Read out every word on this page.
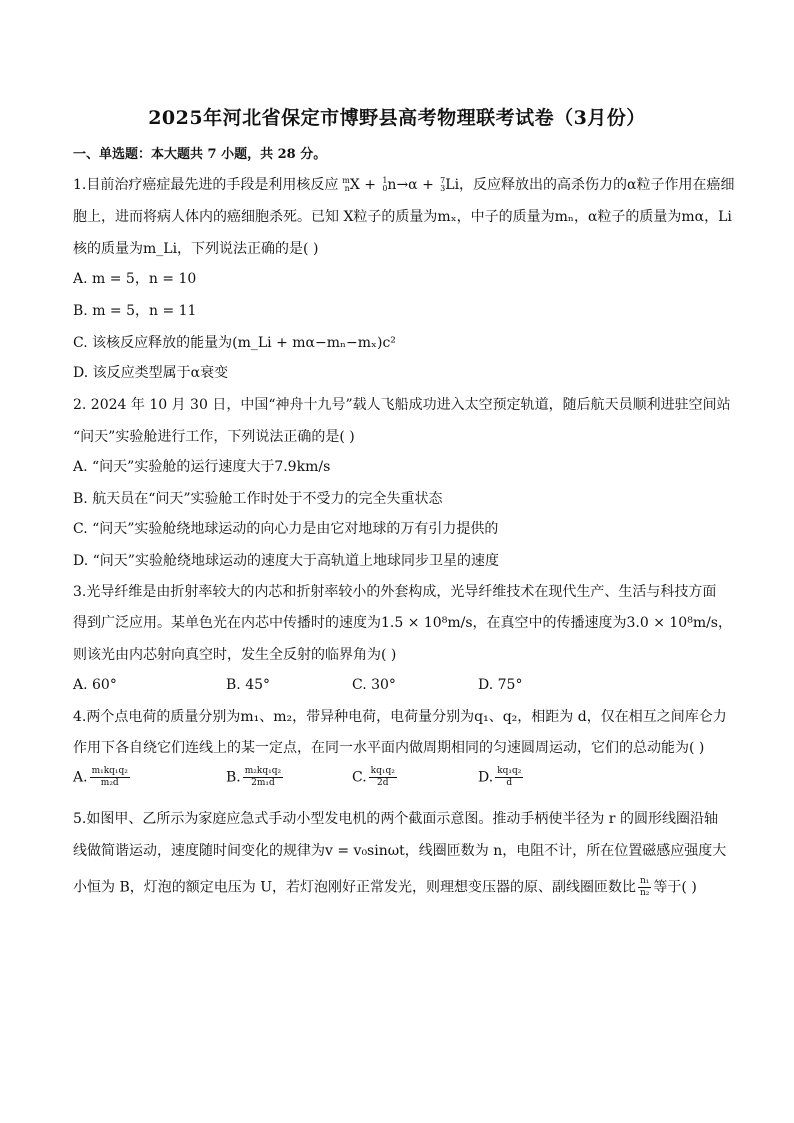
2025年河北省保定市博野县高考物理联考试卷（3月份）
一、单选题：本大题共 7 小题，共 28 分。
1.目前治疗癌症最先进的手段是利用核反应 m
n X + 1
0 n→α + 7
3 Li，反应释放出的高杀伤力的α粒子作用在癌细
胞上，进而将病人体内的癌细胞杀死。已知 X粒子的质量为mₓ，中子的质量为mₙ，α粒子的质量为mα，Li
核的质量为m_Li，下列说法正确的是( )
A. m = 5，n = 10
B. m = 5，n = 11
C. 该核反应释放的能量为(m_Li + mα−mₙ−mₓ)c²
D. 该反应类型属于α衰变
2. 2024 年 10 月 30 日，中国“神舟十九号”载人飞船成功进入太空预定轨道，随后航天员顺利进驻空间站
“问天”实验舱进行工作，下列说法正确的是( )
A. “问天”实验舱的运行速度大于7.9km/s
B. 航天员在“问天”实验舱工作时处于不受力的完全失重状态
C. “问天”实验舱绕地球运动的向心力是由它对地球的万有引力提供的
D. “问天”实验舱绕地球运动的速度大于高轨道上地球同步卫星的速度
3.光导纤维是由折射率较大的内芯和折射率较小的外套构成，光导纤维技术在现代生产、生活与科技方面
得到广泛应用。某单色光在内芯中传播时的速度为1.5 × 10⁸m/s，在真空中的传播速度为3.0 × 10⁸m/s，
则该光由内芯射向真空时，发生全反射的临界角为( )
A. 60°	B. 45°	C. 30°	D. 75°
4.两个点电荷的质量分别为m₁、m₂，带异种电荷，电荷量分别为q₁、q₂，相距为 d，仅在相互之间库仑力
作用下各自绕它们连线上的某一定点，在同一水平面内做周期相同的匀速圆周运动，它们的总动能为( )
A. $\frac{\text{m₁kq₁q₂}}{\text{m₂d}}$	B. $\frac{\text{m₂kq₁q₂}}{\text{2m₁d}}$	C. $\frac{\text{kq₁q₂}}{2d}$	D. $\frac{\text{kq₁q₂}}{d}$
5.如图甲、乙所示为家庭应急式手动小型发电机的两个截面示意图。推动手柄使半径为 r 的圆形线圈沿轴
线做简谐运动，速度随时间变化的规律为v = v₀sinωt，线圈匝数为 n，电阻不计，所在位置磁感应强度大
小恒为 B，灯泡的额定电压为 U，若灯泡刚好正常发光，则理想变压器的原、副线圈匝数比 $\frac{\text{n₁}}{\text{n₂}}$ 等于( )
